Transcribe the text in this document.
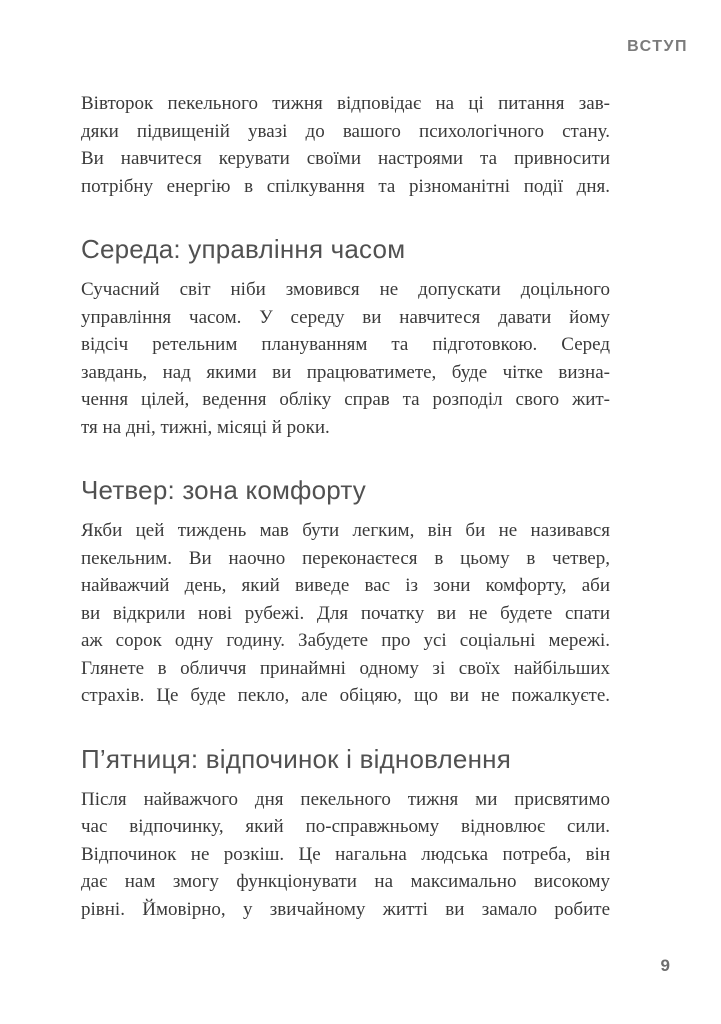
ВСТУП
Вівторок пекельного тижня відповідає на ці питання зав-
дяки підвищеній увазі до вашого психологічного стану.
Ви навчитеся керувати своїми настроями та привносити
потрібну енергію в спілкування та різноманітні події дня.
Середа: управління часом
Сучасний світ ніби змовився не допускати доцільного
управління часом. У середу ви навчитеся давати йому
відсіч ретельним плануванням та підготовкою. Серед
завдань, над якими ви працюватимете, буде чітке визна-
чення цілей, ведення обліку справ та розподіл свого жит-
тя на дні, тижні, місяці й роки.
Четвер: зона комфорту
Якби цей тиждень мав бути легким, він би не називався
пекельним. Ви наочно переконаєтеся в цьому в четвер,
найважчий день, який виведе вас із зони комфорту, аби
ви відкрили нові рубежі. Для початку ви не будете спати
аж сорок одну годину. Забудете про усі соціальні мережі.
Глянете в обличчя принаймні одному зі своїх найбільших
страхів. Це буде пекло, але обіцяю, що ви не пожалкуєте.
П’ятниця: відпочинок і відновлення
Після найважчого дня пекельного тижня ми присвятимо
час відпочинку, який по-справжньому відновлює сили.
Відпочинок не розкіш. Це нагальна людська потреба, він
дає нам змогу функціонувати на максимально високому
рівні. Ймовірно, у звичайному житті ви замало робите
9
